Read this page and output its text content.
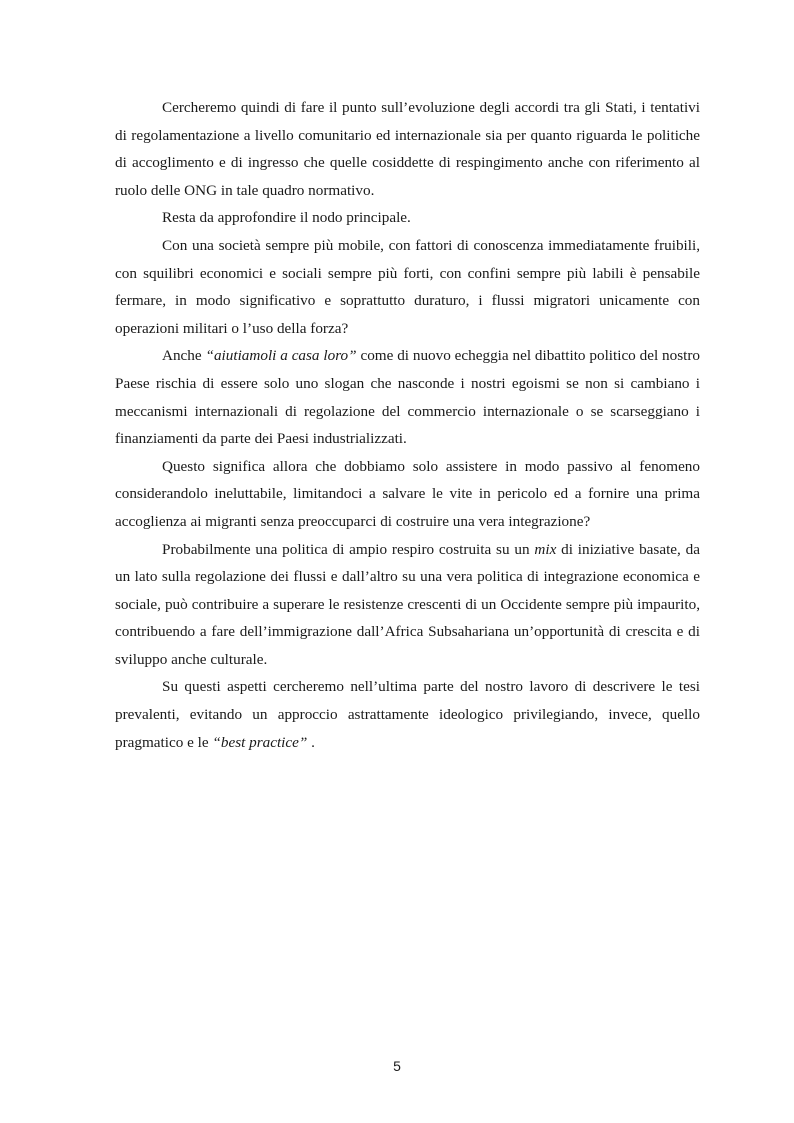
Cercheremo quindi di fare il punto sull’evoluzione degli accordi tra gli Stati, i tentativi di regolamentazione a livello comunitario ed internazionale sia per quanto riguarda le politiche di accoglimento e di ingresso che quelle cosiddette di respingimento anche con riferimento al ruolo delle ONG in tale quadro normativo.

Resta da approfondire il nodo principale.

Con una società sempre più mobile, con fattori di conoscenza immediatamente fruibili, con squilibri economici e sociali sempre più forti, con confini sempre più labili è pensabile fermare, in modo significativo e soprattutto duraturo, i flussi migratori unicamente con operazioni militari o l’uso della forza?

Anche “aiutiamoli a casa loro” come di nuovo echeggia nel dibattito politico del nostro Paese rischia di essere solo uno slogan che nasconde i nostri egoismi se non si cambiano i meccanismi internazionali di regolazione del commercio internazionale o se scarseggiano i finanziamenti da parte dei Paesi industrializzati.

Questo significa allora che dobbiamo solo assistere in modo passivo al fenomeno considerandolo ineluttabile, limitandoci a salvare le vite in pericolo ed a fornire una prima accoglienza ai migranti senza preoccuparci di costruire una vera integrazione?

Probabilmente una politica di ampio respiro costruita su un mix di iniziative basate, da un lato sulla regolazione dei flussi e dall’altro su una vera politica di integrazione economica e sociale, può contribuire a superare le resistenze crescenti di un Occidente sempre più impaurito, contribuendo a fare dell’immigrazione dall’Africa Subsahariana un’opportunità di crescita e di sviluppo anche culturale.

Su questi aspetti cercheremo nell’ultima parte del nostro lavoro di descrivere le tesi prevalenti, evitando un approccio astrattamente ideologico privilegiando, invece, quello pragmatico e le “best practice” .

5
